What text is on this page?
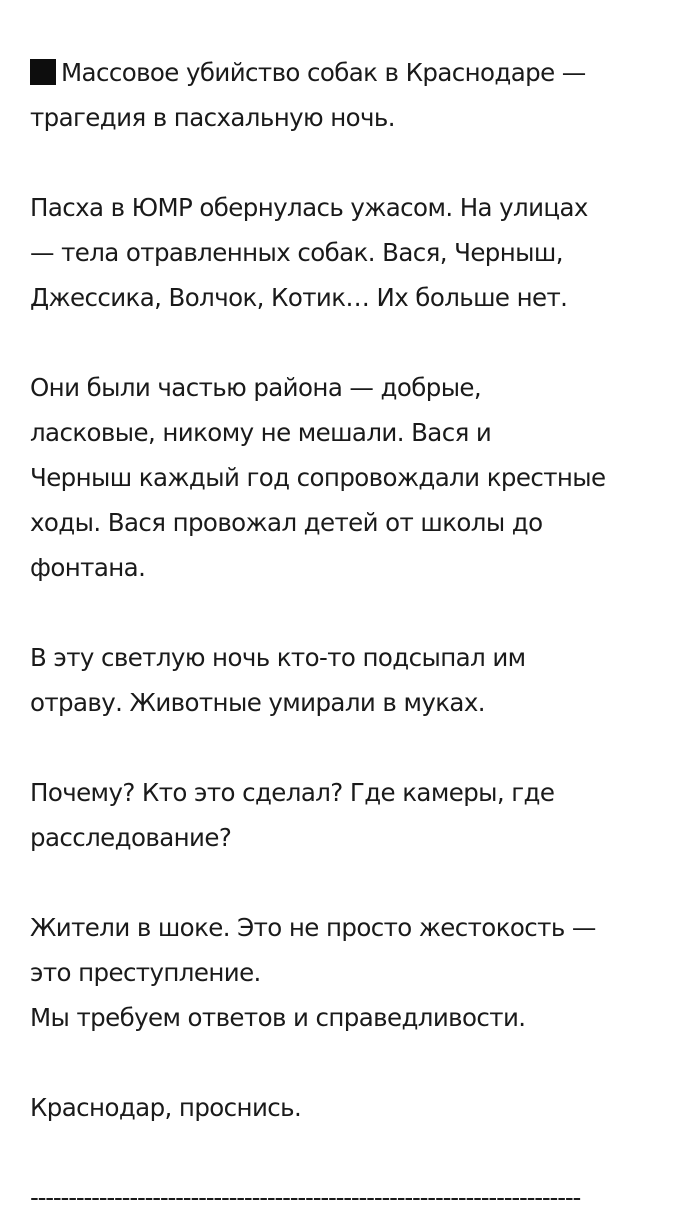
Массовое убийство собак в Краснодаре —
трагедия в пасхальную ночь.
Пасха в ЮМР обернулась ужасом. На улицах
— тела отравленных собак. Вася, Черныш,
Джессика, Волчок, Котик… Их больше нет.
Они были частью района — добрые,
ласковые, никому не мешали. Вася и
Черныш каждый год сопровождали крестные
ходы. Вася провожал детей от школы до
фонтана.
В эту светлую ночь кто-то подсыпал им
отраву. Животные умирали в муках.
Почему? Кто это сделал? Где камеры, где
расследование?
Жители в шоке. Это не просто жестокость —
это преступление.
Мы требуем ответов и справедливости.
Краснодар, проснись.
------------------------------------------------------------------------
